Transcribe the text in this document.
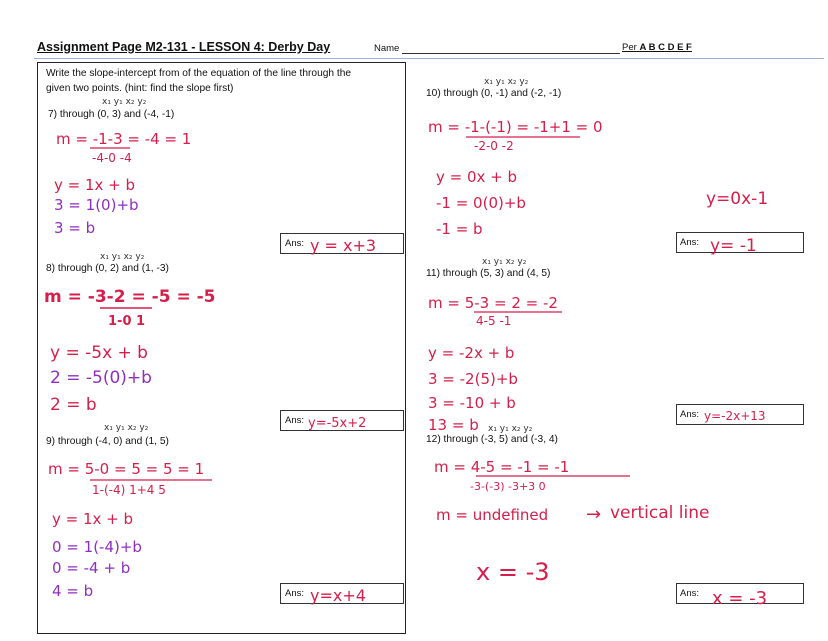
Assignment Page M2-131 - LESSON 4: Derby Day	Name	Per A B C D E F
Write the slope-intercept from of the equation of the line through the
given two points. (hint: find the slope first)
7) through (0, 3) and (-4, -1)
8) through (0, 2) and (1, -3)
9) through (-4, 0) and (1, 5)
10) through (0, -1) and (-2, -1)
11) through (5, 3) and (4, 5)
12) through (-3, 5) and (-3, 4)
Ans:
Ans:
Ans:
Ans:
Ans:
Ans:
x₁ y₁ x₂ y₂
x₁ y₁ x₂ y₂
x₁ y₁ x₂ y₂
x₁ y₁ x₂ y₂
x₁ y₁ x₂ y₂
x₁ y₁ x₂ y₂
m = -1-3 = -4 = 1
-4-0 -4
y = 1x + b
3 = 1(0)+b
3 = b
m = -3-2 = -5 = -5
1-0 1
y = -5x + b
2 = -5(0)+b
2 = b
m = 5-0 = 5 = 5 = 1
1-(-4) 1+4 5
y = 1x + b
0 = 1(-4)+b
0 = -4 + b
4 = b
m = -1-(-1) = -1+1 = 0
-2-0 -2
y = 0x + b
-1 = 0(0)+b
-1 = b
y=0x-1
m = 5-3 = 2 = -2
4-5 -1
y = -2x + b
3 = -2(5)+b
3 = -10 + b
13 = b
m = 4-5 = -1 = -1
-3-(-3) -3+3 0
m = undefined → vertical line
x = -3
y = x+3
y=-5x+2
y=x+4
y= -1
y=-2x+13
x = -3
